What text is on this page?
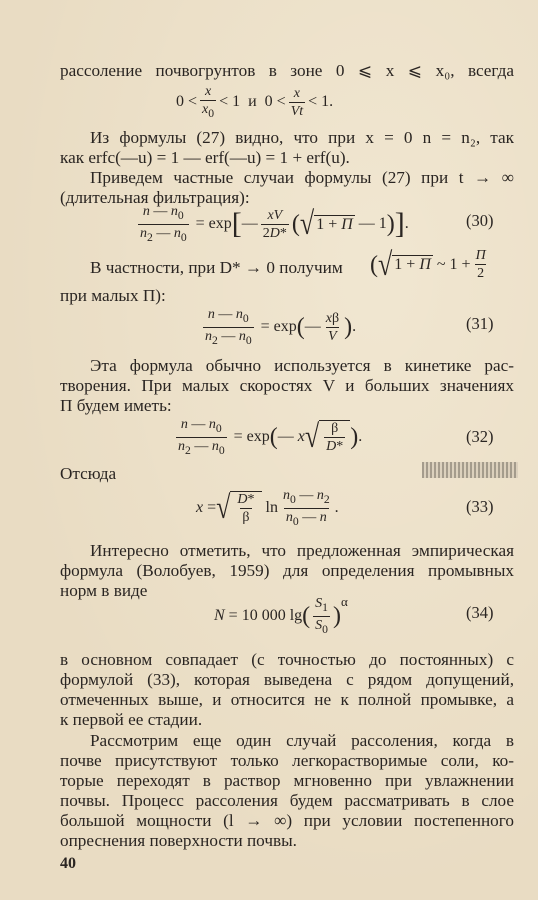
рассоление почвогрунтов в зоне 0 ⩽ x ⩽ x₀, всегда
$0 < \frac{x}{x_0} < 1$  и  $0 < \frac{x}{Vt} < 1$.
Из формулы (27) видно, что при x = 0 n = n₂, так
как erfc(—u) = 1 — erf(—u) = 1 + erf(u).
Приведем частные случаи формулы (27) при t → ∞
(длительная фильтрация):
$\frac{n — n_0}{n_2 — n_0} = \exp$ [ — $\frac{xV}{2D*}$ ( √ 1 + П — 1 ) ] .	(30)
В частности, при D* → 0 получим	( √ 1 + П ~ $1 + \frac{П}{2}$
при малых П):
$\frac{n — n_0}{n_2 — n_0} = \exp$ ( — $\frac{x\beta}{V}$ ) .	(31)
Эта формула обычно используется в кинетике рас-
творения. При малых скоростях V и больших значениях
П будем иметь:
$\frac{n — n_0}{n_2 — n_0} = \exp$ ( — x √ $\frac{\beta}{D*}$ ) .	(32)
Отсюда
x = √ $\frac{D*}{\beta}$ $\ln \frac{n_0 — n_2}{n_0 — n}$ .	(33)
Интересно отметить, что предложенная эмпирическая
формула (Волобуев, 1959) для определения промывных
норм в виде
N = 10 000 lg ( $\frac{S_1}{S_0}$ )
$^\alpha$
(34)
в основном совпадает (с точностью до постоянных) с
формулой (33), которая выведена с рядом допущений,
отмеченных выше, и относится не к полной промывке, а
к первой ее стадии.
Рассмотрим еще один случай рассоления, когда в
почве присутствуют только легкорастворимые соли, ко-
торые переходят в раствор мгновенно при увлажнении
почвы. Процесс рассоления будем рассматривать в слое
большой мощности (l → ∞) при условии постепенного
опреснения поверхности почвы.
40
